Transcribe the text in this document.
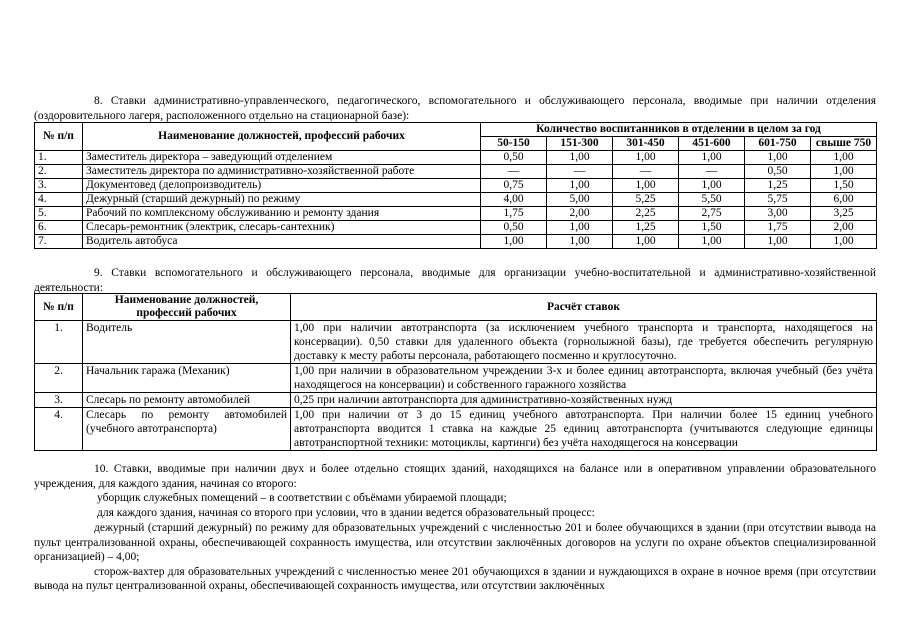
8. Ставки административно-управленческого, педагогического, вспомогательного и обслуживающего персонала, вводимые при наличии отделения (оздоровительного лагеря, расположенного отдельно на стационарной базе):
№ п/п	Наименование должностей, профессий рабочих	Количество воспитанников в отделении в целом за год					
		50-150	151-300	301-450	451-600	601-750	свыше 750
1.	Заместитель директора – заведующий отделением	0,50	1,00	1,00	1,00	1,00	1,00
2.	Заместитель директора по административно-хозяйственной работе	—	—	—	—	0,50	1,00
3.	Документовед (делопроизводитель)	0,75	1,00	1,00	1,00	1,25	1,50
4.	Дежурный (старший дежурный) по режиму	4,00	5,00	5,25	5,50	5,75	6,00
5.	Рабочий по комплексному обслуживанию и ремонту здания	1,75	2,00	2,25	2,75	3,00	3,25
6.	Слесарь-ремонтник (электрик, слесарь-сантехник)	0,50	1,00	1,25	1,50	1,75	2,00
7.	Водитель автобуса	1,00	1,00	1,00	1,00	1,00	1,00
9. Ставки вспомогательного и обслуживающего персонала, вводимые для организации учебно-воспитательной и административно-хозяйственной деятельности:
№ п/п	Наименование должностей, профессий рабочих	Расчёт ставок
1.	Водитель	1,00 при наличии автотранспорта (за исключением учебного транспорта и транспорта, находящегося на консервации). 0,50 ставки для удаленного объекта (горнолыжной базы), где требуется обеспечить регулярную доставку к месту работы персонала, работающего посменно и круглосуточно.
2.	Начальник гаража (Механик)	1,00 при наличии в образовательном учреждении 3-х и более единиц автотранспорта, включая учебный (без учёта находящегося на консервации) и собственного гаражного хозяйства
3.	Слесарь по ремонту автомобилей	0,25 при наличии автотранспорта для административно-хозяйственных нужд
4.	Слесарь по ремонту автомобилей (учебного автотранспорта)	1,00 при наличии от 3 до 15 единиц учебного автотранспорта. При наличии более 15 единиц учебного автотранспорта вводится 1 ставка на каждые 25 единиц автотранспорта (учитываются следующие единицы автотранспортной техники: мотоциклы, картинги) без учёта находящегося на консервации
10. Ставки, вводимые при наличии двух и более отдельно стоящих зданий, находящихся на балансе или в оперативном управлении образовательного учреждения, для каждого здания, начиная со второго:
уборщик служебных помещений – в соответствии с объёмами убираемой площади;
для каждого здания, начиная со второго при условии, что в здании ведется образовательный процесс:
дежурный (старший дежурный) по режиму для образовательных учреждений с численностью 201 и более обучающихся в здании (при отсутствии вывода на пульт централизованной охраны, обеспечивающей сохранность имущества, или отсутствии заключённых договоров на услуги по охране объектов специализированной организацией) – 4,00;
сторож-вахтер для образовательных учреждений с численностью менее 201 обучающихся в здании и нуждающихся в охране в ночное время (при отсутствии вывода на пульт централизованной охраны, обеспечивающей сохранность имущества, или отсутствии заключённых
